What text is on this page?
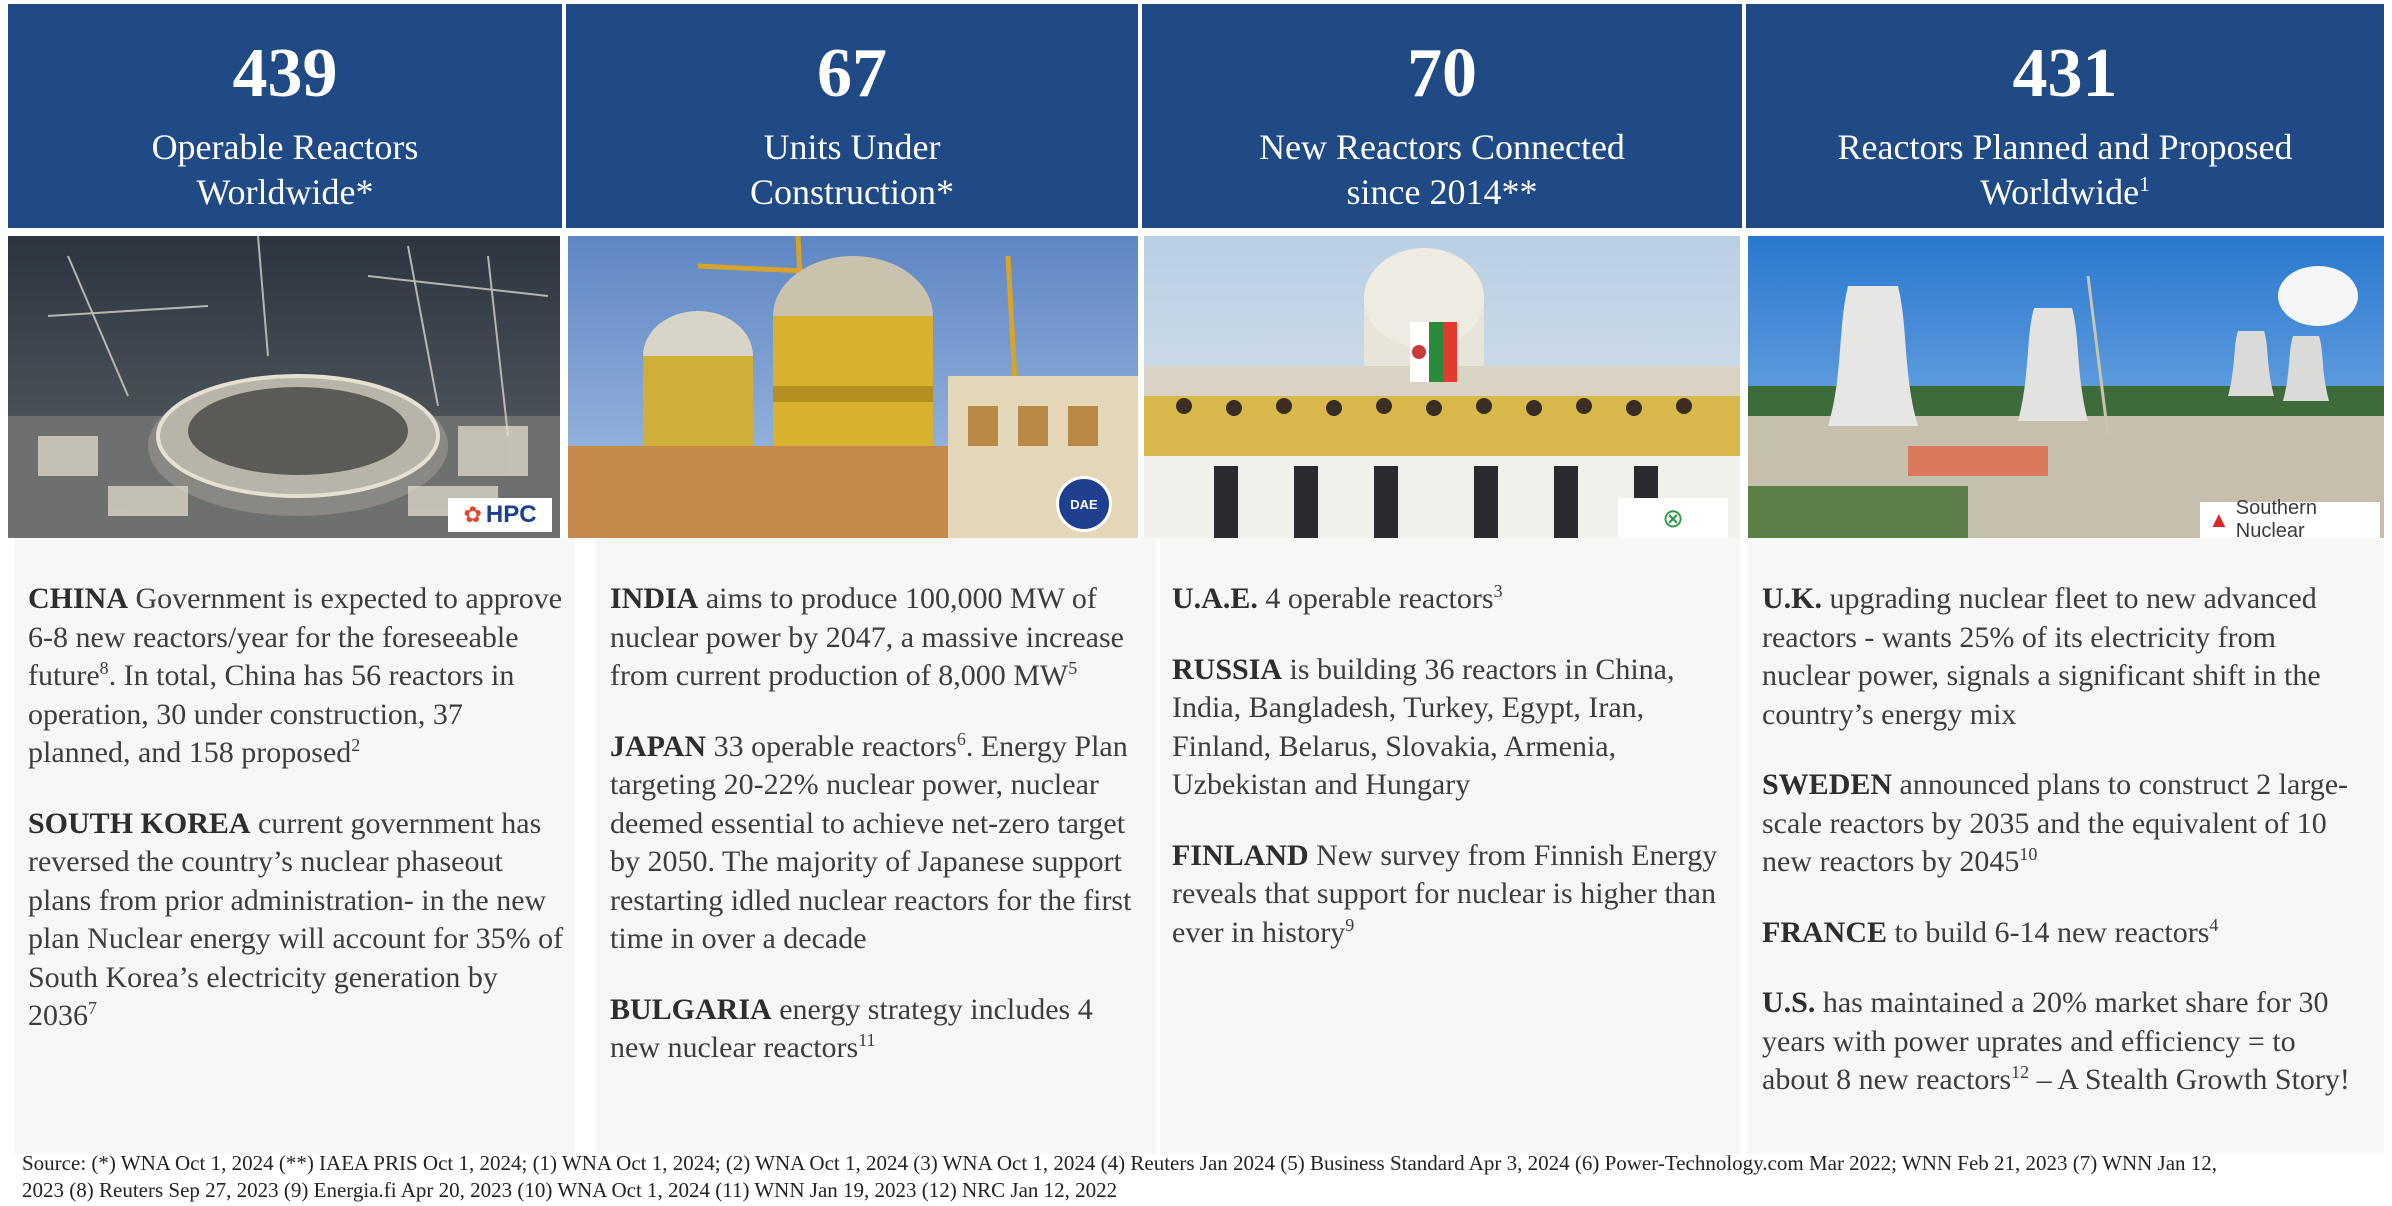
439
Operable Reactors
Worldwide*
67
Units Under
Construction*
70
New Reactors Connected
since 2014**
431
Reactors Planned and Proposed
Worldwide$^1$
✿ HPC	DAE	⊗	▲ Southern Nuclear

CHINA Government is expected to approve 6-8 new reactors/year for the foreseeable future$^8$. In total, China has 56 reactors in operation, 30 under construction, 37 planned, and 158 proposed$^2$

SOUTH KOREA current government has reversed the country’s nuclear phaseout plans from prior administration- in the new plan Nuclear energy will account for 35% of South Korea’s electricity generation by 2036$^7$

INDIA aims to produce 100,000 MW of nuclear power by 2047, a massive increase from current production of 8,000 $MW^5$

JAPAN 33 operable reactors$^6$. Energy Plan targeting 20-22% nuclear power, nuclear deemed essential to achieve net-zero target by 2050. The majority of Japanese support restarting idled nuclear reactors for the first time in over a decade

BULGARIA energy strategy includes 4 new nuclear reactors$^{11}$

U.A.E. 4 operable reactors$^3$

RUSSIA is building 36 reactors in China, India, Bangladesh, Turkey, Egypt, Iran, Finland, Belarus, Slovakia, Armenia, Uzbekistan and Hungary

FINLAND New survey from Finnish Energy reveals that support for nuclear is higher than ever in history$^9$

U.K. upgrading nuclear fleet to new advanced reactors - wants 25% of its electricity from nuclear power, signals a significant shift in the country’s energy mix

SWEDEN announced plans to construct 2 large- scale reactors by 2035 and the equivalent of 10 new reactors by 2045$^{10}$

FRANCE to build 6-14 new reactors$^4$

U.S. has maintained a 20% market share for 30 years with power uprates and efficiency = to about 8 new reactors$^{12}$ – A Stealth Growth Story!

Source: (*) WNA Oct 1, 2024 (**) IAEA PRIS Oct 1, 2024; (1) WNA Oct 1, 2024; (2) WNA Oct 1, 2024 (3) WNA Oct 1, 2024 (4) Reuters Jan 2024 (5) Business Standard Apr 3, 2024 (6) Power-Technology.com Mar 2022; WNN Feb 21, 2023 (7) WNN Jan 12, 2023 (8) Reuters Sep 27, 2023 (9) Energia.fi Apr 20, 2023 (10) WNA Oct 1, 2024 (11) WNN Jan 19, 2023 (12) NRC Jan 12, 2022
